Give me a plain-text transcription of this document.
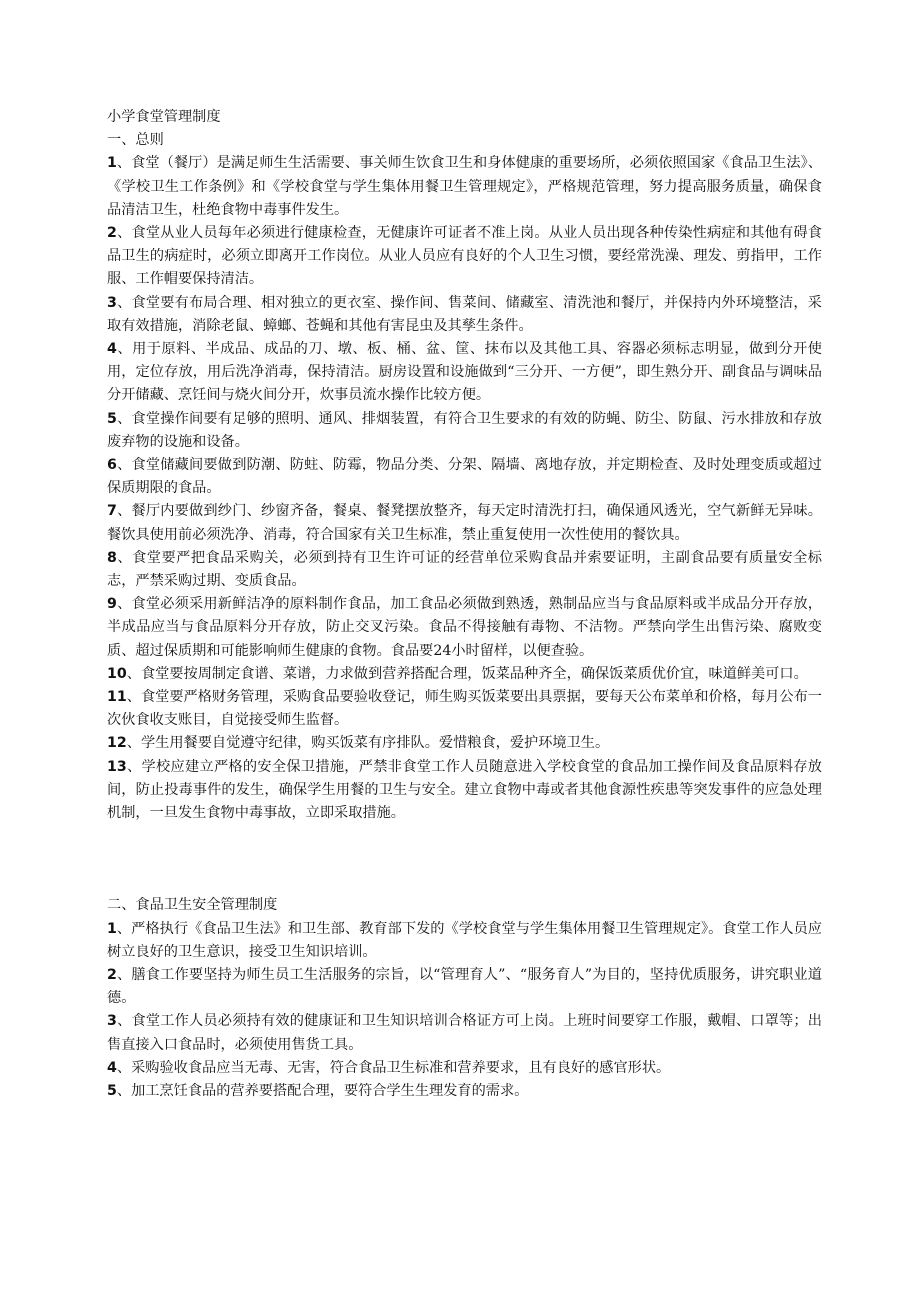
小学食堂管理制度

一、总则

1、食堂（餐厅）是满足师生生活需要、事关师生饮食卫生和身体健康的重要场所，必须依照国家《食品卫生法》、《学校卫生工作条例》和《学校食堂与学生集体用餐卫生管理规定》，严格规范管理，努力提高服务质量，确保食品清洁卫生，杜绝食物中毒事件发生。

2、食堂从业人员每年必须进行健康检查，无健康许可证者不准上岗。从业人员出现各种传染性病症和其他有碍食品卫生的病症时，必须立即离开工作岗位。从业人员应有良好的个人卫生习惯，要经常洗澡、理发、剪指甲，工作服、工作帽要保持清洁。

3、食堂要有布局合理、相对独立的更衣室、操作间、售菜间、储藏室、清洗池和餐厅，并保持内外环境整洁，采取有效措施，消除老鼠、蟑螂、苍蝇和其他有害昆虫及其孳生条件。

4、用于原料、半成品、成品的刀、墩、板、桶、盆、筐、抹布以及其他工具、容器必须标志明显，做到分开使用，定位存放，用后洗净消毒，保持清洁。厨房设置和设施做到“三分开、一方便”，即生熟分开、副食品与调味品分开储藏、烹饪间与烧火间分开，炊事员流水操作比较方便。

5、食堂操作间要有足够的照明、通风、排烟装置，有符合卫生要求的有效的防蝇、防尘、防鼠、污水排放和存放废弃物的设施和设备。

6、食堂储藏间要做到防潮、防蛀、防霉，物品分类、分架、隔墙、离地存放，并定期检查、及时处理变质或超过保质期限的食品。

7、餐厅内要做到纱门、纱窗齐备，餐桌、餐凳摆放整齐，每天定时清洗打扫，确保通风透光，空气新鲜无异味。餐饮具使用前必须洗净、消毒，符合国家有关卫生标准，禁止重复使用一次性使用的餐饮具。

8、食堂要严把食品采购关，必须到持有卫生许可证的经营单位采购食品并索要证明，主副食品要有质量安全标志，严禁采购过期、变质食品。

9、食堂必须采用新鲜洁净的原料制作食品，加工食品必须做到熟透，熟制品应当与食品原料或半成品分开存放，半成品应当与食品原料分开存放，防止交叉污染。食品不得接触有毒物、不洁物。严禁向学生出售污染、腐败变质、超过保质期和可能影响师生健康的食物。食品要24小时留样，以便查验。

10、食堂要按周制定食谱、菜谱，力求做到营养搭配合理，饭菜品种齐全，确保饭菜质优价宜，味道鲜美可口。

11、食堂要严格财务管理，采购食品要验收登记，师生购买饭菜要出具票据，要每天公布菜单和价格，每月公布一次伙食收支账目，自觉接受师生监督。

12、学生用餐要自觉遵守纪律，购买饭菜有序排队。爱惜粮食，爱护环境卫生。

13、学校应建立严格的安全保卫措施，严禁非食堂工作人员随意进入学校食堂的食品加工操作间及食品原料存放间，防止投毒事件的发生，确保学生用餐的卫生与安全。建立食物中毒或者其他食源性疾患等突发事件的应急处理机制，一旦发生食物中毒事故，立即采取措施。

二、食品卫生安全管理制度

1、严格执行《食品卫生法》和卫生部、教育部下发的《学校食堂与学生集体用餐卫生管理规定》。食堂工作人员应树立良好的卫生意识，接受卫生知识培训。

2、膳食工作要坚持为师生员工生活服务的宗旨，以“管理育人”、“服务育人”为目的，坚持优质服务，讲究职业道德。

3、食堂工作人员必须持有效的健康证和卫生知识培训合格证方可上岗。上班时间要穿工作服，戴帽、口罩等；出售直接入口食品时，必须使用售货工具。

4、采购验收食品应当无毒、无害，符合食品卫生标准和营养要求，且有良好的感官形状。

5、加工烹饪食品的营养要搭配合理，要符合学生生理发育的需求。
